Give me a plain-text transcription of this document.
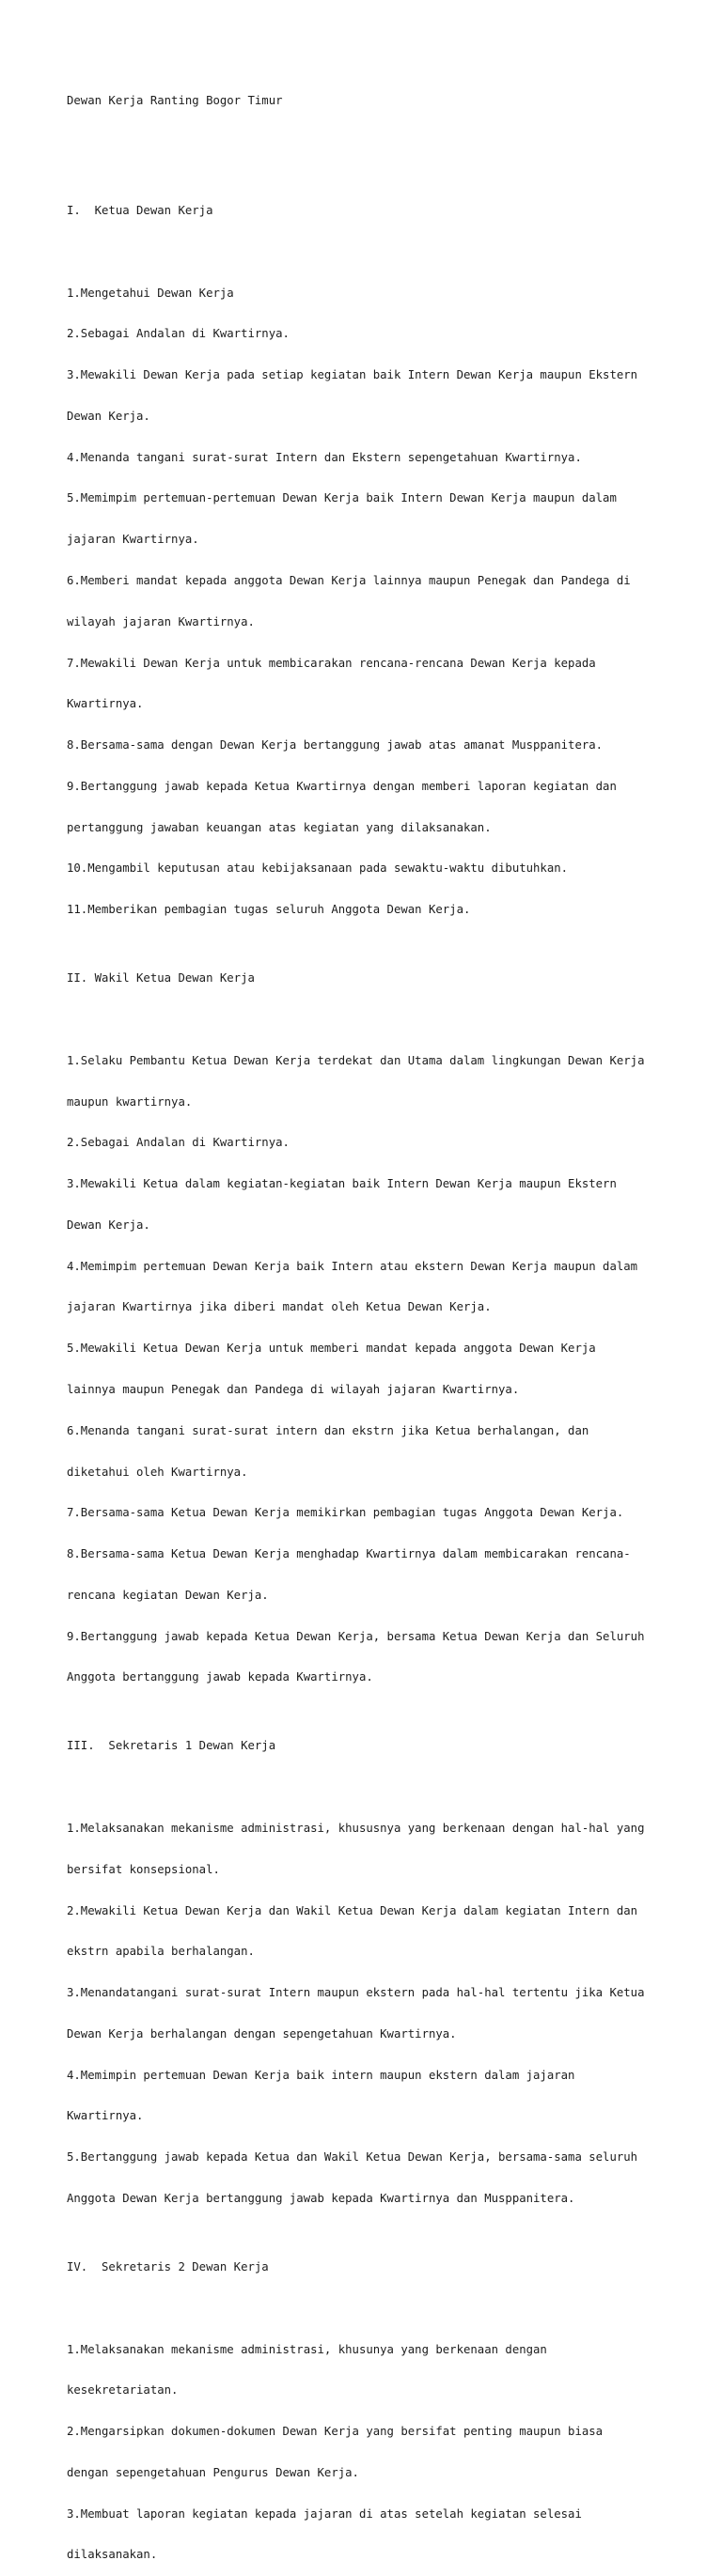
Dewan Kerja Ranting Bogor Timur

I.  Ketua Dewan Kerja

1.Mengetahui Dewan Kerja

2.Sebagai Andalan di Kwartirnya.

3.Mewakili Dewan Kerja pada setiap kegiatan baik Intern Dewan Kerja maupun Ekstern

Dewan Kerja.

4.Menanda tangani surat-surat Intern dan Ekstern sepengetahuan Kwartirnya.

5.Memimpim pertemuan-pertemuan Dewan Kerja baik Intern Dewan Kerja maupun dalam

jajaran Kwartirnya.

6.Memberi mandat kepada anggota Dewan Kerja lainnya maupun Penegak dan Pandega di

wilayah jajaran Kwartirnya.

7.Mewakili Dewan Kerja untuk membicarakan rencana-rencana Dewan Kerja kepada

Kwartirnya.

8.Bersama-sama dengan Dewan Kerja bertanggung jawab atas amanat Musppanitera.

9.Bertanggung jawab kepada Ketua Kwartirnya dengan memberi laporan kegiatan dan

pertanggung jawaban keuangan atas kegiatan yang dilaksanakan.

10.Mengambil keputusan atau kebijaksanaan pada sewaktu-waktu dibutuhkan.

11.Memberikan pembagian tugas seluruh Anggota Dewan Kerja.

II. Wakil Ketua Dewan Kerja

1.Selaku Pembantu Ketua Dewan Kerja terdekat dan Utama dalam lingkungan Dewan Kerja

maupun kwartirnya.

2.Sebagai Andalan di Kwartirnya.

3.Mewakili Ketua dalam kegiatan-kegiatan baik Intern Dewan Kerja maupun Ekstern

Dewan Kerja.

4.Memimpim pertemuan Dewan Kerja baik Intern atau ekstern Dewan Kerja maupun dalam

jajaran Kwartirnya jika diberi mandat oleh Ketua Dewan Kerja.

5.Mewakili Ketua Dewan Kerja untuk memberi mandat kepada anggota Dewan Kerja

lainnya maupun Penegak dan Pandega di wilayah jajaran Kwartirnya.

6.Menanda tangani surat-surat intern dan ekstrn jika Ketua berhalangan, dan

diketahui oleh Kwartirnya.

7.Bersama-sama Ketua Dewan Kerja memikirkan pembagian tugas Anggota Dewan Kerja.

8.Bersama-sama Ketua Dewan Kerja menghadap Kwartirnya dalam membicarakan rencana-

rencana kegiatan Dewan Kerja.

9.Bertanggung jawab kepada Ketua Dewan Kerja, bersama Ketua Dewan Kerja dan Seluruh

Anggota bertanggung jawab kepada Kwartirnya.

III.  Sekretaris 1 Dewan Kerja

1.Melaksanakan mekanisme administrasi, khususnya yang berkenaan dengan hal-hal yang

bersifat konsepsional.

2.Mewakili Ketua Dewan Kerja dan Wakil Ketua Dewan Kerja dalam kegiatan Intern dan

ekstrn apabila berhalangan.

3.Menandatangani surat-surat Intern maupun ekstern pada hal-hal tertentu jika Ketua

Dewan Kerja berhalangan dengan sepengetahuan Kwartirnya.

4.Memimpin pertemuan Dewan Kerja baik intern maupun ekstern dalam jajaran

Kwartirnya.

5.Bertanggung jawab kepada Ketua dan Wakil Ketua Dewan Kerja, bersama-sama seluruh

Anggota Dewan Kerja bertanggung jawab kepada Kwartirnya dan Musppanitera.

IV.  Sekretaris 2 Dewan Kerja

1.Melaksanakan mekanisme administrasi, khusunya yang berkenaan dengan

kesekretariatan.

2.Mengarsipkan dokumen-dokumen Dewan Kerja yang bersifat penting maupun biasa

dengan sepengetahuan Pengurus Dewan Kerja.

3.Membuat laporan kegiatan kepada jajaran di atas setelah kegiatan selesai

dilaksanakan.
